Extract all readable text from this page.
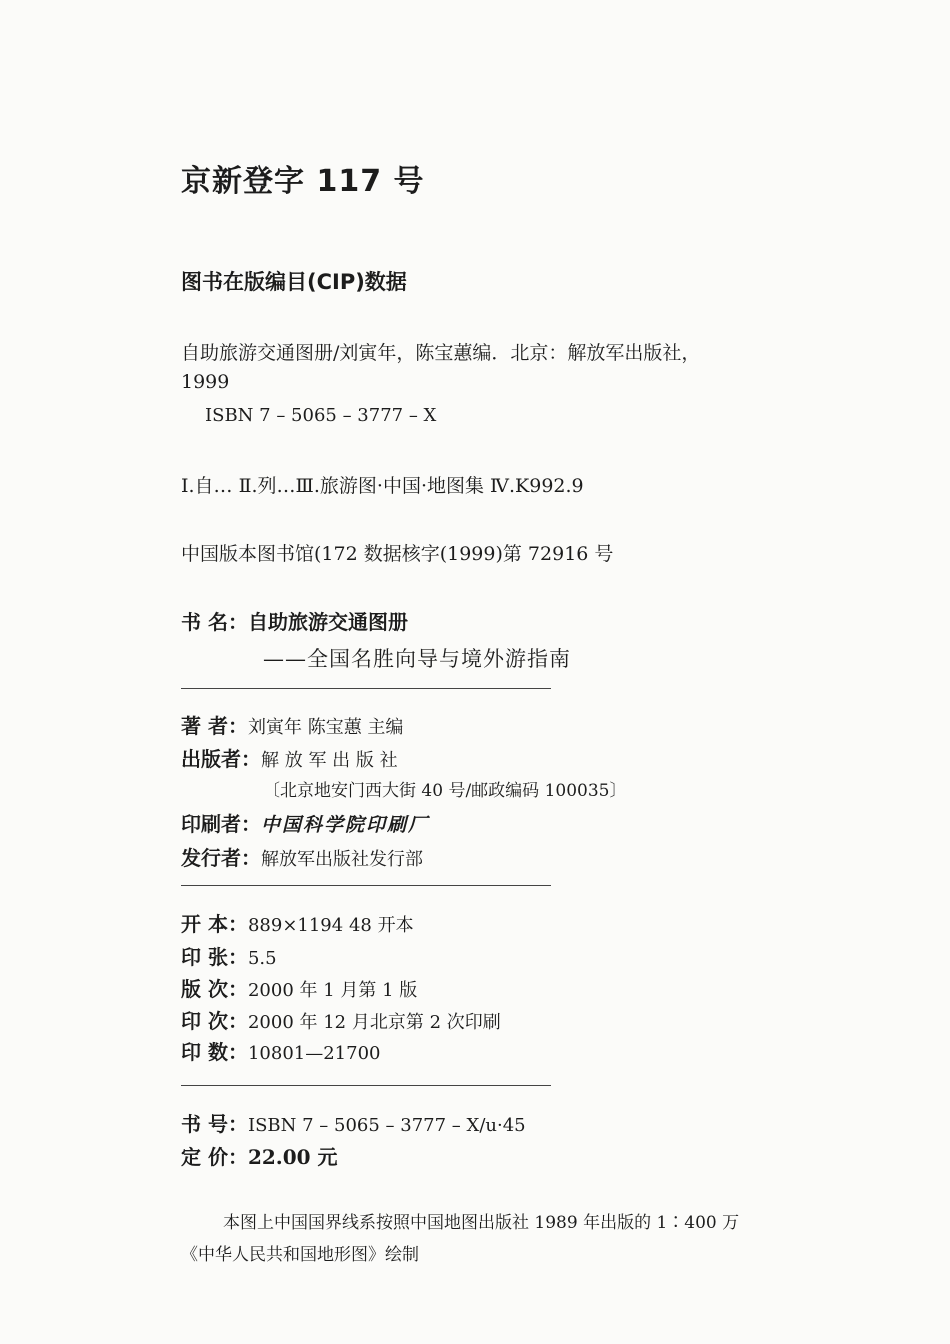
京新登字 117 号
图书在版编目(CIP)数据
自助旅游交通图册/刘寅年，陈宝蕙编．北京：解放军出版社，
1999
ISBN 7 – 5065 – 3777 – X
Ⅰ.自… Ⅱ.列…Ⅲ.旅游图·中国·地图集 Ⅳ.K992.9
中国版本图书馆(172 数据核字(1999)第 72916 号
书 名：自助旅游交通图册
——全国名胜向导与境外游指南
著 者：刘寅年 陈宝蕙 主编
出版者：解 放 军 出 版 社
〔北京地安门西大街 40 号/邮政编码 100035〕
印刷者：中国科学院印刷厂
发行者：解放军出版社发行部
开 本：889×1194 48 开本
印 张：5.5
版 次：2000 年 1 月第 1 版
印 次：2000 年 12 月北京第 2 次印刷
印 数：10801—21700
书 号：ISBN 7 – 5065 – 3777 – X/u·45
定 价：22.00 元
本图上中国国界线系按照中国地图出版社 1989 年出版的 1∶400 万
《中华人民共和国地形图》绘制
